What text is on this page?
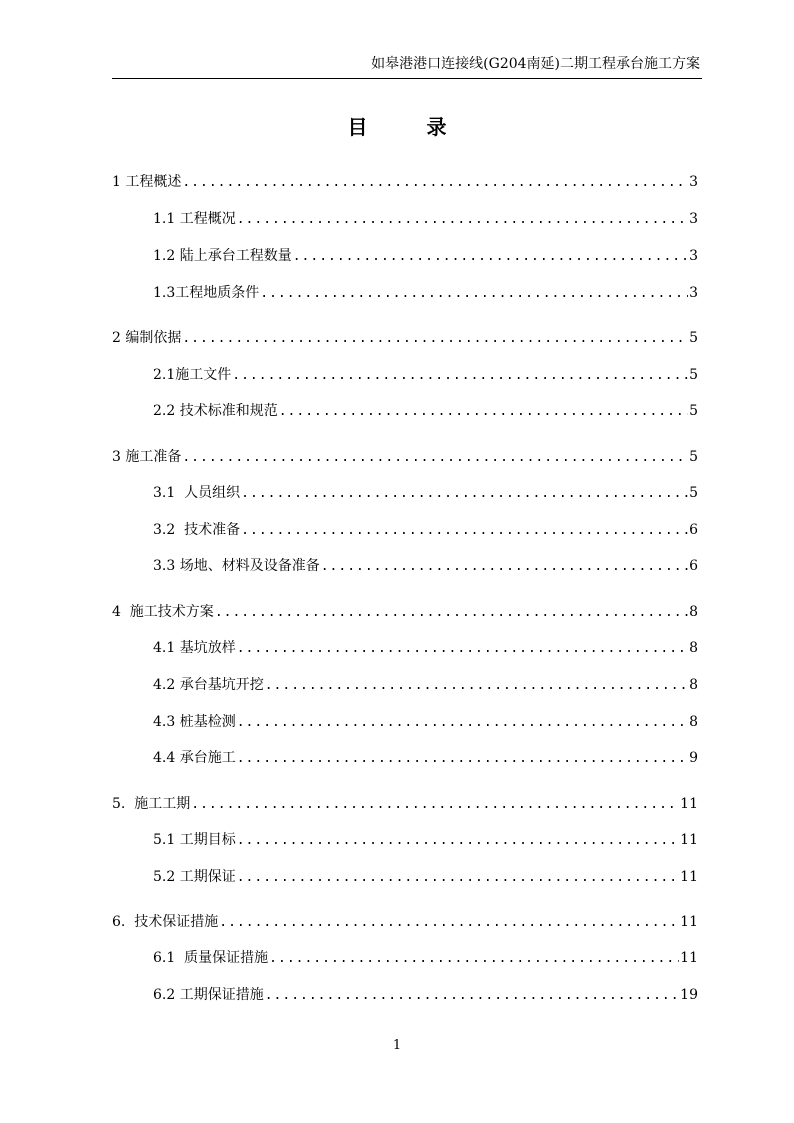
如皋港港口连接线(G204南延)二期工程承台施工方案
目 录
1 工程概述 .....	3
1.1 工程概况 .....	3
1.2 陆上承台工程数量 .....	3
1.3工程地质条件 .....	3
2 编制依据 .....	5
2.1施工文件 .....	5
2.2 技术标准和规范 .....	5
3 施工准备 .....	5
3.1  人员组织 .....	5
3.2  技术准备 .....	6
3.3 场地、材料及设备准备 .....	6
4  施工技术方案 .....	8
4.1 基坑放样 .....	8
4.2 承台基坑开挖 .....	8
4.3 桩基检测 .....	8
4.4 承台施工 .....	9
5.  施工工期 .....	11
5.1 工期目标 .....	11
5.2 工期保证 .....	11
6.  技术保证措施 .....	11
6.1  质量保证措施 .....	11
6.2 工期保证措施 .....	19
1
